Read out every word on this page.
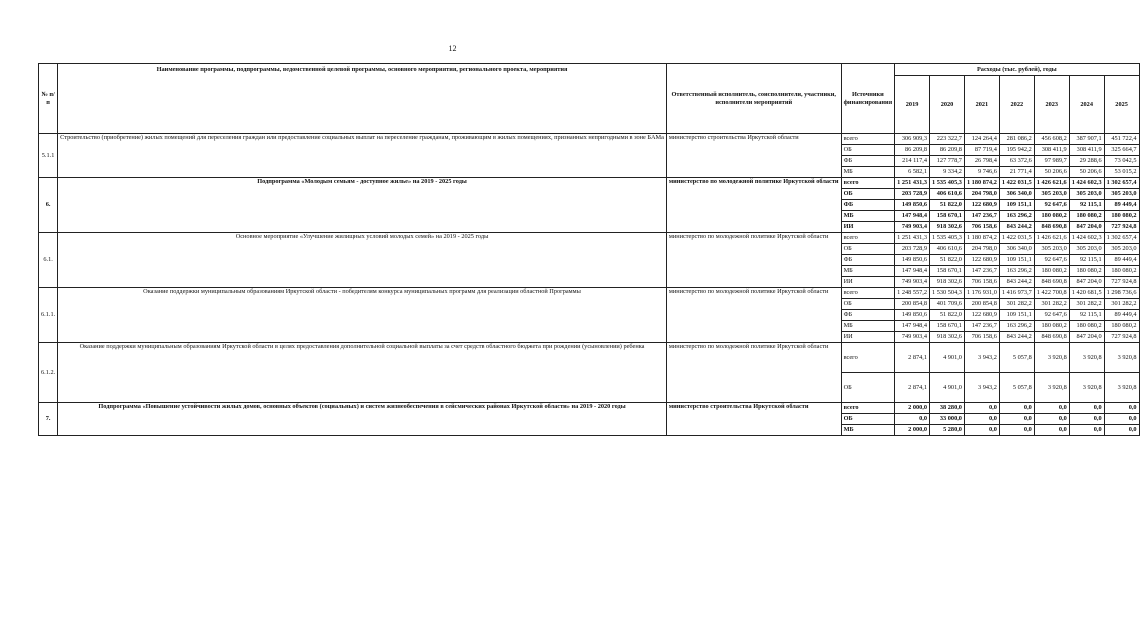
12
№ п/п	Наименование программы, подпрограммы, ведомственной целевой программы, основного мероприятия, регионального проекта, мероприятия	Ответственный исполнитель, соисполнители, участники, исполнители мероприятий	Источники финансирования	Расходы (тыс. рублей), годы						
				2019	2020	2021	2022	2023	2024	2025
5.1.1	Строительство (приобретение) жилых помещений для переселения граждан или предоставление социальных выплат на переселение гражданам, проживающим в жилых помещениях, признанных непригодными в зоне БАМа	министерство строительства Иркутской области	всего	306 909,3	223 322,7	124 264,4	281 086,2	456 608,2	387 907,1	451 722,4
			ОБ	86 209,8	86 209,8	87 719,4	195 942,2	308 411,9	308 411,9	325 664,7
			ФБ	214 117,4	127 778,7	26 798,4	63 372,6	97 989,7	29 288,6	73 042,5
			МБ	6 582,1	9 334,2	9 746,6	21 771,4	50 206,6	50 206,6	53 015,2
6.	Подпрограмма «Молодым семьям - доступное жилье» на 2019 - 2025 годы	министерство по молодежной политике Иркутской области	всего	1 251 431,3	1 535 405,3	1 180 874,2	1 422 031,5	1 426 621,6	1 424 602,3	1 302 657,4
			ОБ	203 728,9	406 610,6	204 798,0	306 340,0	305 203,0	305 203,0	305 203,0
			ФБ	149 850,6	51 822,0	122 680,9	109 151,1	92 647,6	92 115,1	89 449,4
			МБ	147 948,4	158 670,1	147 236,7	163 296,2	180 080,2	180 080,2	180 080,2
			ИИ	749 903,4	918 302,6	706 158,6	843 244,2	848 690,8	847 204,0	727 924,8
6.1.	Основное мероприятие «Улучшение жилищных условий молодых семей» на 2019 - 2025 годы	министерство по молодежной политике Иркутской области	всего	1 251 431,3	1 535 405,3	1 180 874,2	1 422 031,5	1 426 621,6	1 424 602,3	1 302 657,4
			ОБ	203 728,9	406 610,6	204 798,0	306 340,0	305 203,0	305 203,0	305 203,0
			ФБ	149 850,6	51 822,0	122 680,9	109 151,1	92 647,6	92 115,1	89 449,4
			МБ	147 948,4	158 670,1	147 236,7	163 296,2	180 080,2	180 080,2	180 080,2
			ИИ	749 903,4	918 302,6	706 158,6	843 244,2	848 690,8	847 204,0	727 924,8
6.1.1.	Оказание поддержки муниципальным образованиям Иркутской области - победителям конкурса муниципальных программ для реализации областной Программы	министерство по молодежной политике Иркутской области	всего	1 248 557,2	1 530 504,3	1 176 931,0	1 416 973,7	1 422 700,8	1 420 681,5	1 298 736,6
			ОБ	200 854,8	401 709,6	200 854,8	301 282,2	301 282,2	301 282,2	301 282,2
			ФБ	149 850,6	51 822,0	122 680,9	109 151,1	92 647,6	92 115,1	89 449,4
			МБ	147 948,4	158 670,1	147 236,7	163 296,2	180 080,2	180 080,2	180 080,2
			ИИ	749 903,4	918 302,6	706 158,6	843 244,2	848 690,8	847 204,0	727 924,8
6.1.2.	Оказание поддержки муниципальным образованиям Иркутской области в целях предоставления дополнительной социальной выплаты за счет средств областного бюджета при рождении (усыновлении) ребенка	министерство по молодежной политике Иркутской области	всего	2 874,1	4 901,0	3 943,2	5 057,8	3 920,8	3 920,8	3 920,8
			ОБ	2 874,1	4 901,0	3 943,2	5 057,8	3 920,8	3 920,8	3 920,8
7.	Подпрограмма «Повышение устойчивости жилых домов, основных объектов (социальных) и систем жизнеобеспечения в сейсмических районах Иркутской области» на 2019 - 2020 годы	министерство строительства Иркутской области	всего	2 000,0	38 280,0	0,0	0,0	0,0	0,0	0,0
			ОБ	0,0	33 000,0	0,0	0,0	0,0	0,0	0,0
			МБ	2 000,0	5 280,0	0,0	0,0	0,0	0,0	0,0
